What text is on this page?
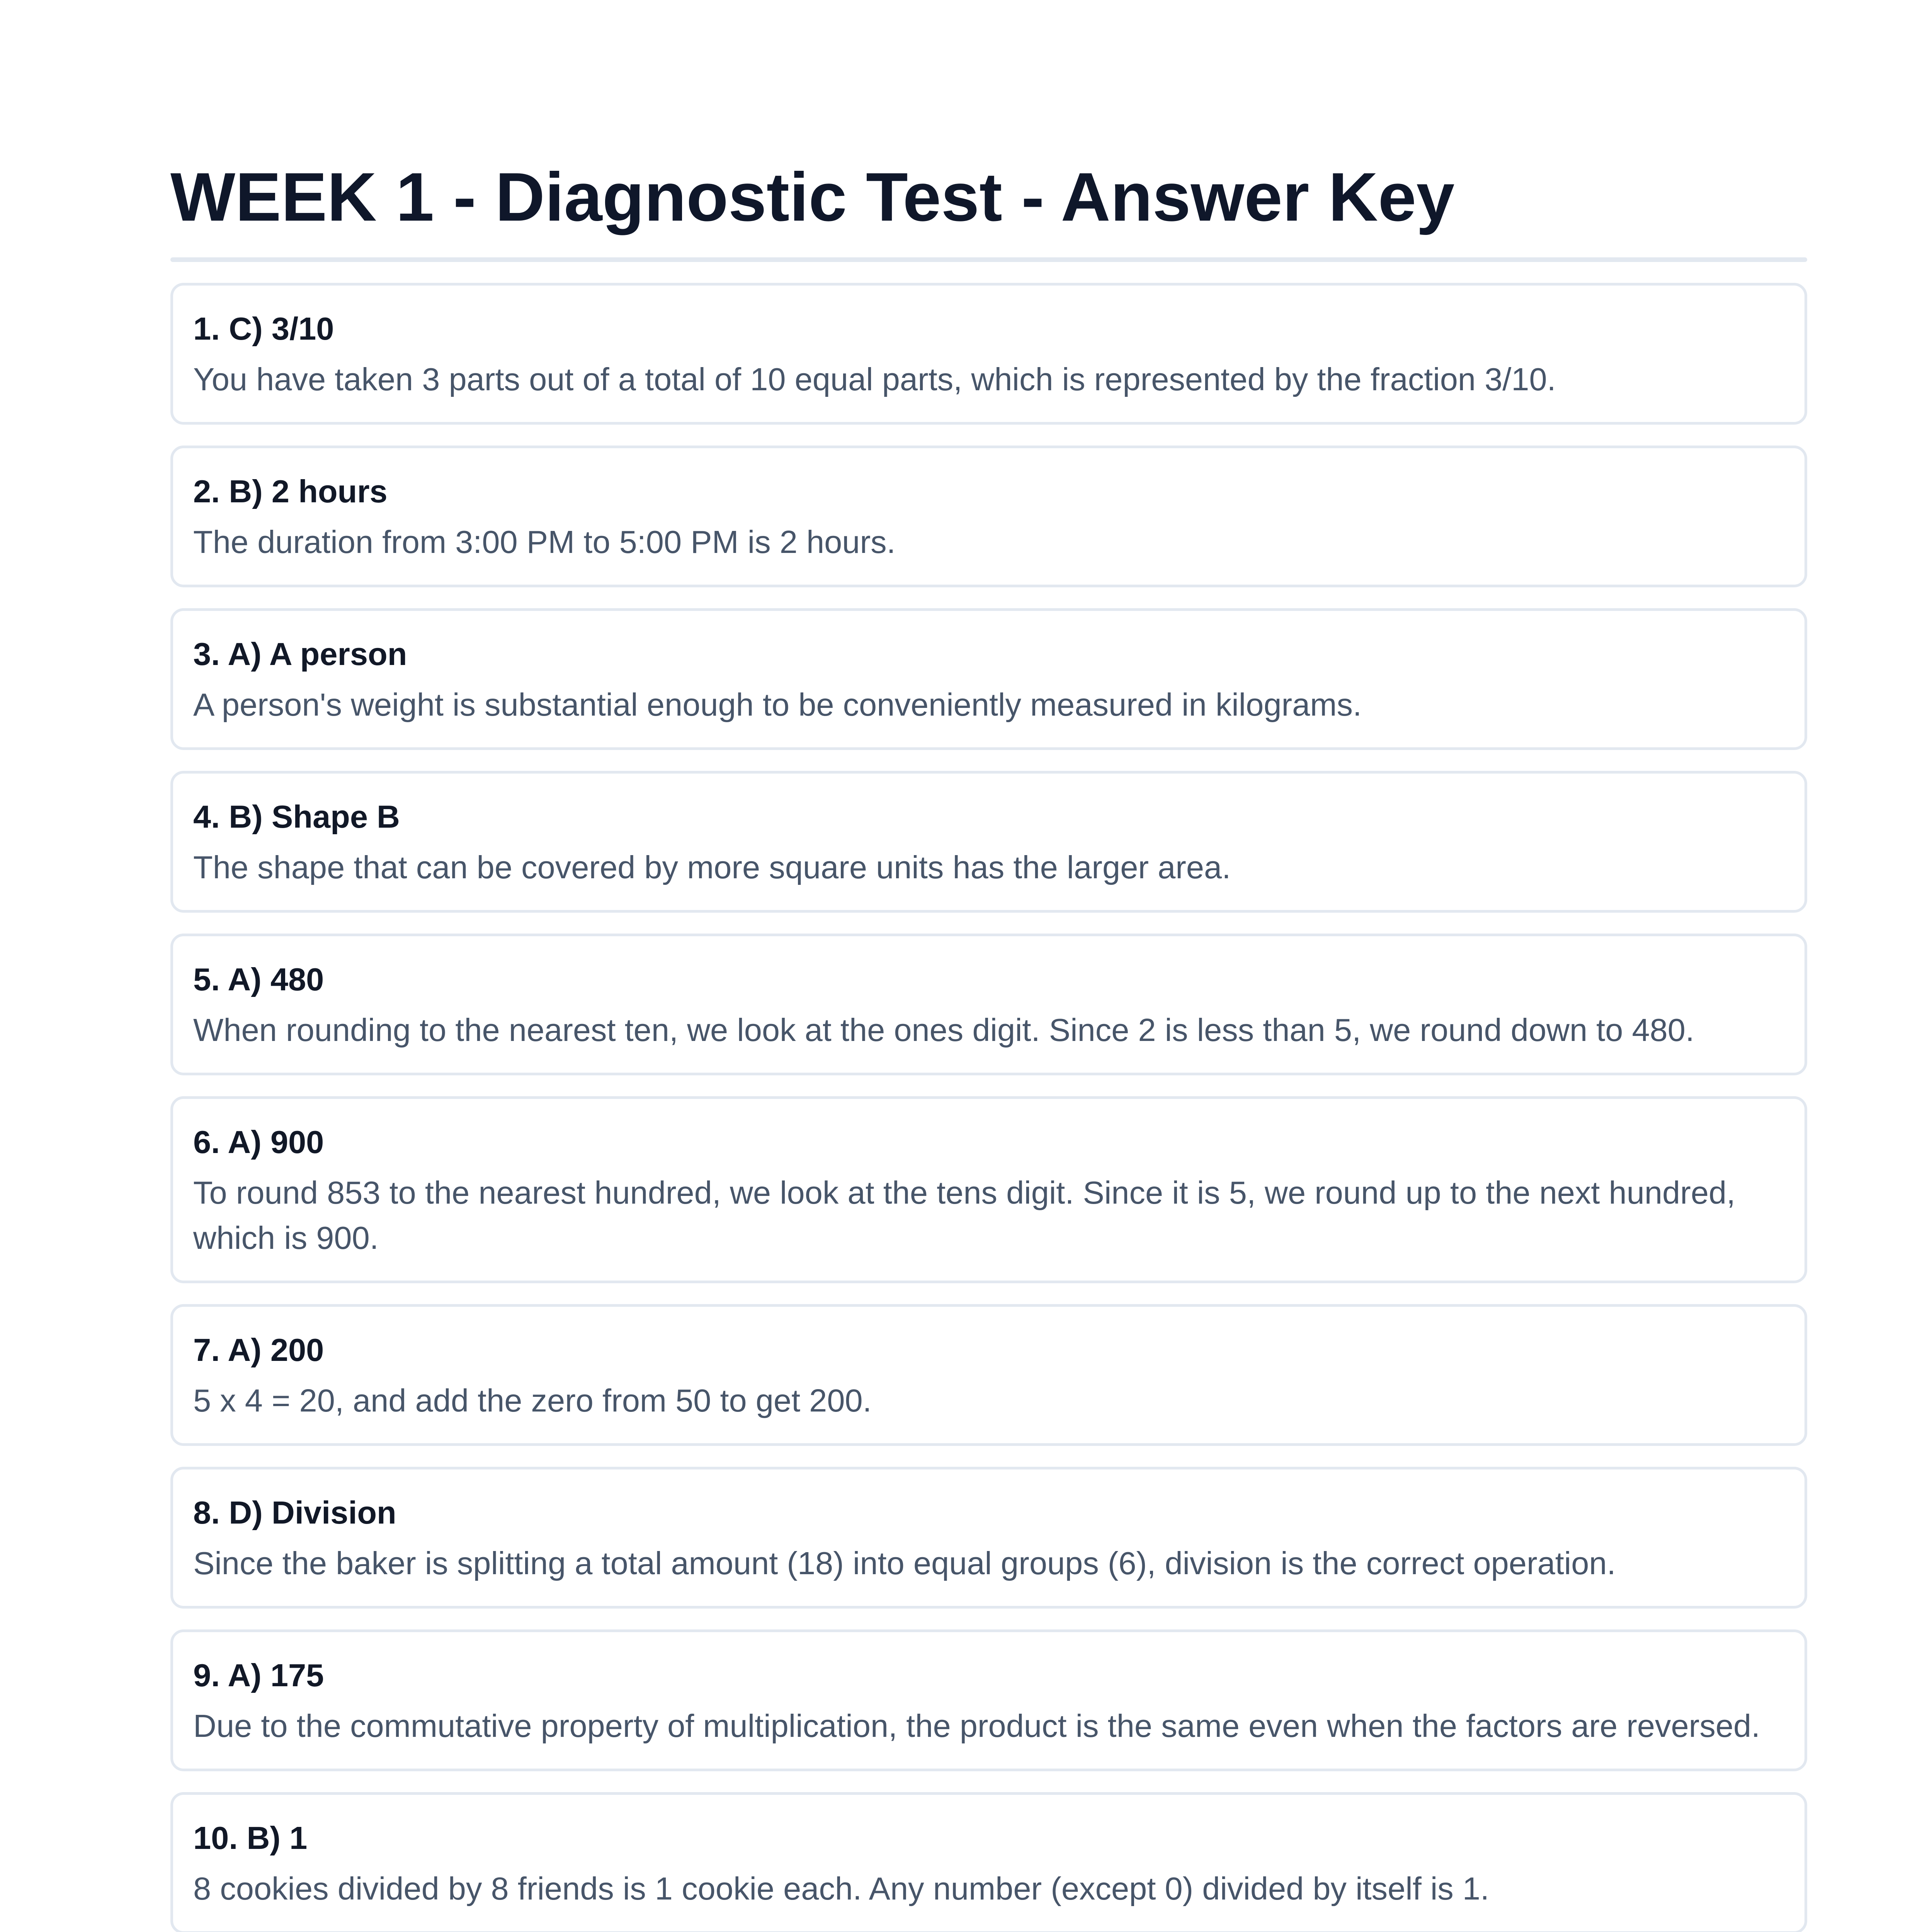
WEEK 1 - Diagnostic Test - Answer Key
1. C) 3/10
You have taken 3 parts out of a total of 10 equal parts, which is represented by the fraction 3/10.
2. B) 2 hours
The duration from 3:00 PM to 5:00 PM is 2 hours.
3. A) A person
A person's weight is substantial enough to be conveniently measured in kilograms.
4. B) Shape B
The shape that can be covered by more square units has the larger area.
5. A) 480
When rounding to the nearest ten, we look at the ones digit. Since 2 is less than 5, we round down to 480.
6. A) 900
To round 853 to the nearest hundred, we look at the tens digit. Since it is 5, we round up to the next hundred, which is 900.
7. A) 200
5 x 4 = 20, and add the zero from 50 to get 200.
8. D) Division
Since the baker is splitting a total amount (18) into equal groups (6), division is the correct operation.
9. A) 175
Due to the commutative property of multiplication, the product is the same even when the factors are reversed.
10. B) 1
8 cookies divided by 8 friends is 1 cookie each. Any number (except 0) divided by itself is 1.
